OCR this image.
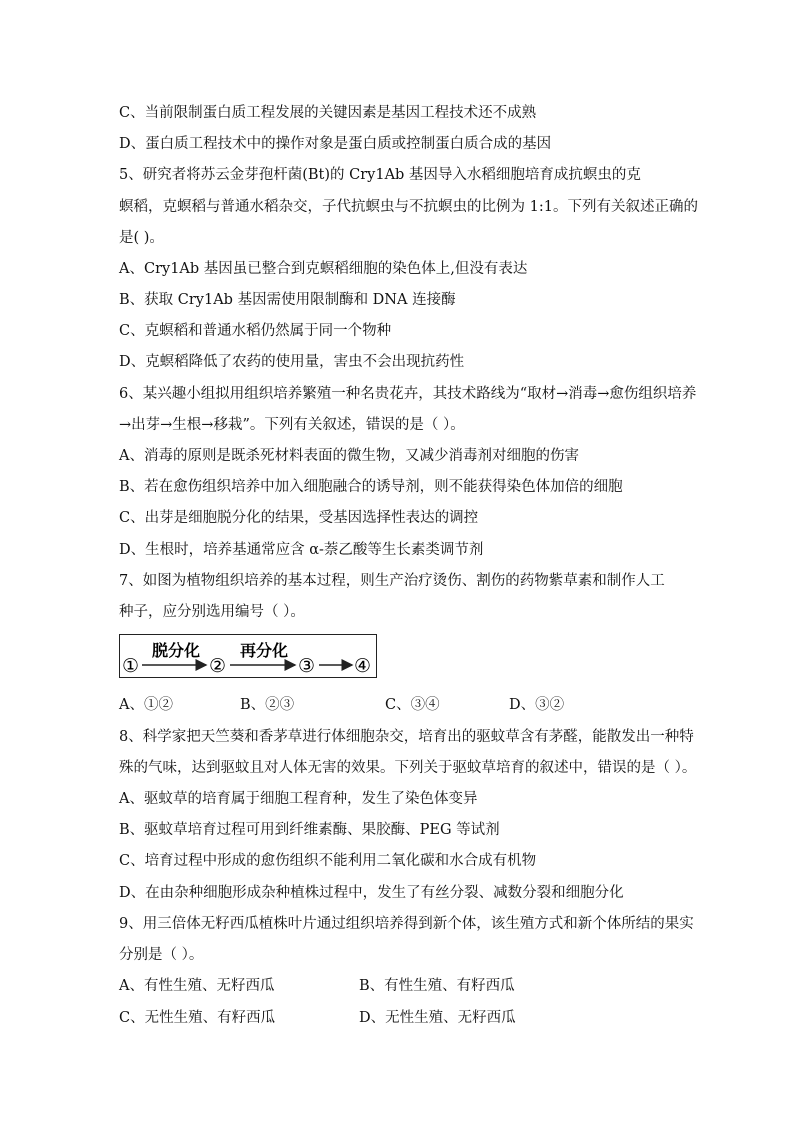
C、当前限制蛋白质工程发展的关键因素是基因工程技术还不成熟
D、蛋白质工程技术中的操作对象是蛋白质或控制蛋白质合成的基因
5、研究者将苏云金芽孢杆菌(Bt)的 Cry1Ab 基因导入水稻细胞培育成抗螟虫的克
螟稻，克螟稻与普通水稻杂交，子代抗螟虫与不抗螟虫的比例为 1:1。下列有关叙述正确的
是( )。
A、Cry1Ab 基因虽已整合到克螟稻细胞的染色体上,但没有表达
B、获取 Cry1Ab 基因需使用限制酶和 DNA 连接酶
C、克螟稻和普通水稻仍然属于同一个物种
D、克螟稻降低了农药的使用量，害虫不会出现抗药性
6、某兴趣小组拟用组织培养繁殖一种名贵花卉，其技术路线为“取材→消毒→愈伤组织培养
→出芽→生根→移栽”。下列有关叙述，错误的是（ ）。
A、消毒的原则是既杀死材料表面的微生物，又减少消毒剂对细胞的伤害
B、若在愈伤组织培养中加入细胞融合的诱导剂，则不能获得染色体加倍的细胞
C、出芽是细胞脱分化的结果，受基因选择性表达的调控
D、生根时，培养基通常应含 α-萘乙酸等生长素类调节剂
7、如图为植物组织培养的基本过程，则生产治疗烫伤、割伤的药物紫草素和制作人工
种子，应分别选用编号（ ）。
①	②	③ ④
脱分化 再分化
A、①②	B、②③	C、③④	D、③②
8、科学家把天竺葵和香茅草进行体细胞杂交，培育出的驱蚊草含有茅醛，能散发出一种特
殊的气味，达到驱蚊且对人体无害的效果。下列关于驱蚊草培育的叙述中，错误的是（ ）。
A、驱蚊草的培育属于细胞工程育种，发生了染色体变异
B、驱蚊草培育过程可用到纤维素酶、果胶酶、PEG 等试剂
C、培育过程中形成的愈伤组织不能利用二氧化碳和水合成有机物
D、在由杂种细胞形成杂种植株过程中，发生了有丝分裂、减数分裂和细胞分化
9、用三倍体无籽西瓜植株叶片通过组织培养得到新个体，该生殖方式和新个体所结的果实
分别是（ ）。
A、有性生殖、无籽西瓜	B、有性生殖、有籽西瓜
C、无性生殖、有籽西瓜	D、无性生殖、无籽西瓜
